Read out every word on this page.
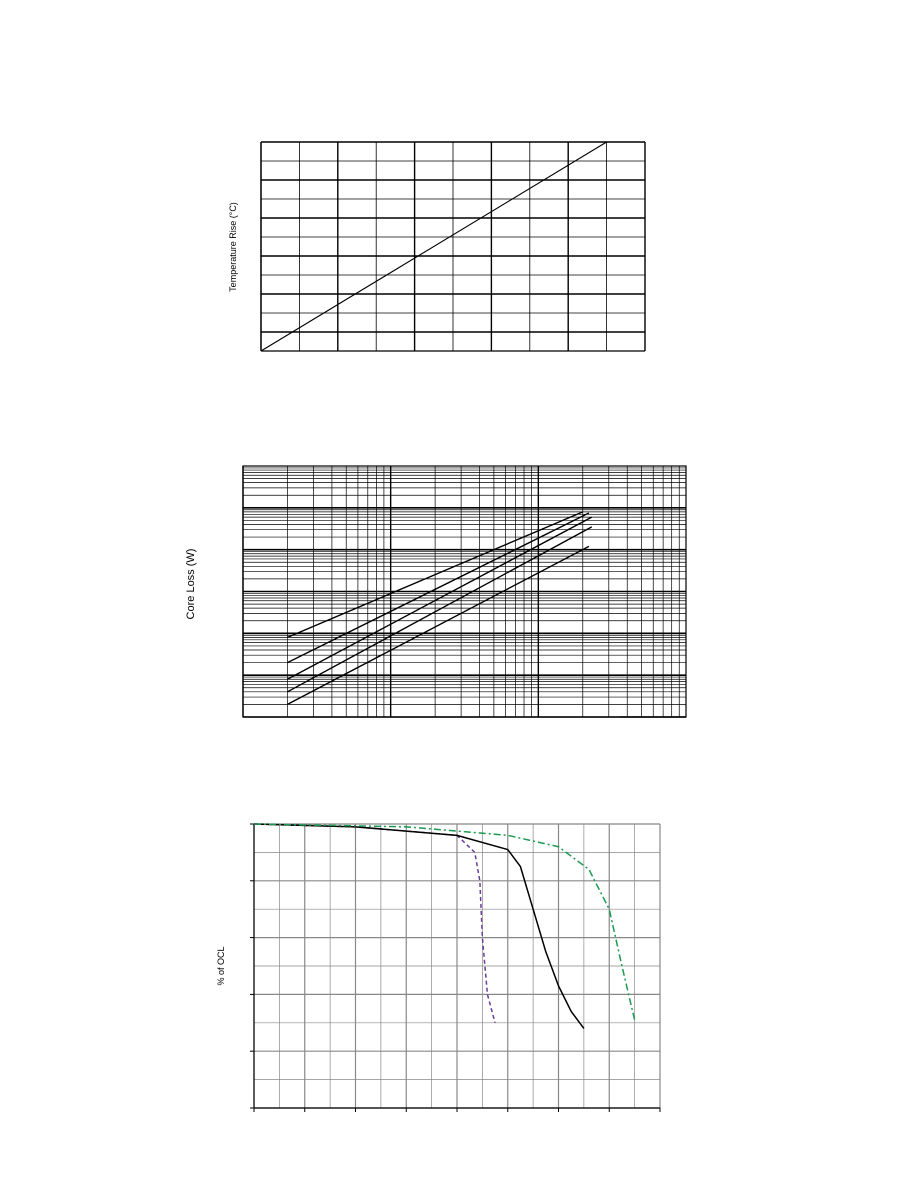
Temperature Rise (°C)
Core Loss (W)
% of OCL
